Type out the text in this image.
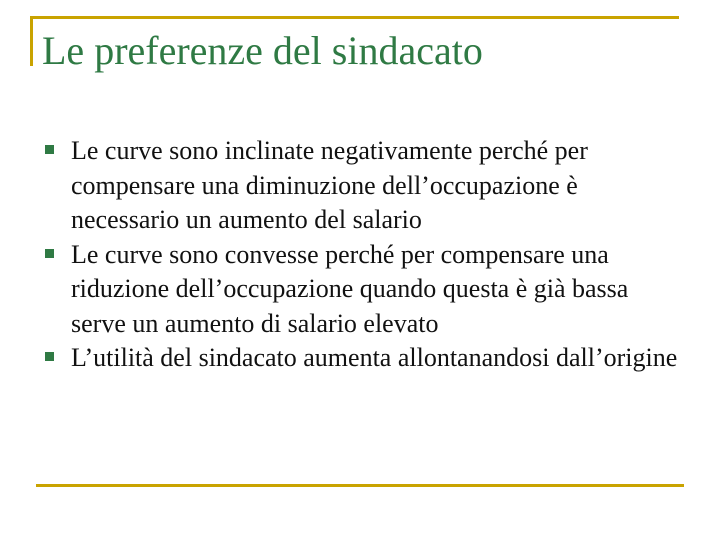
Le preferenze del sindacato
Le curve sono inclinate negativamente perché per compensare una diminuzione dell’occupazione è necessario un aumento del salario
Le curve sono convesse perché per compensare una riduzione dell’occupazione quando questa è già bassa serve un aumento di salario elevato
L’utilità del sindacato aumenta allontanandosi dall’origine
